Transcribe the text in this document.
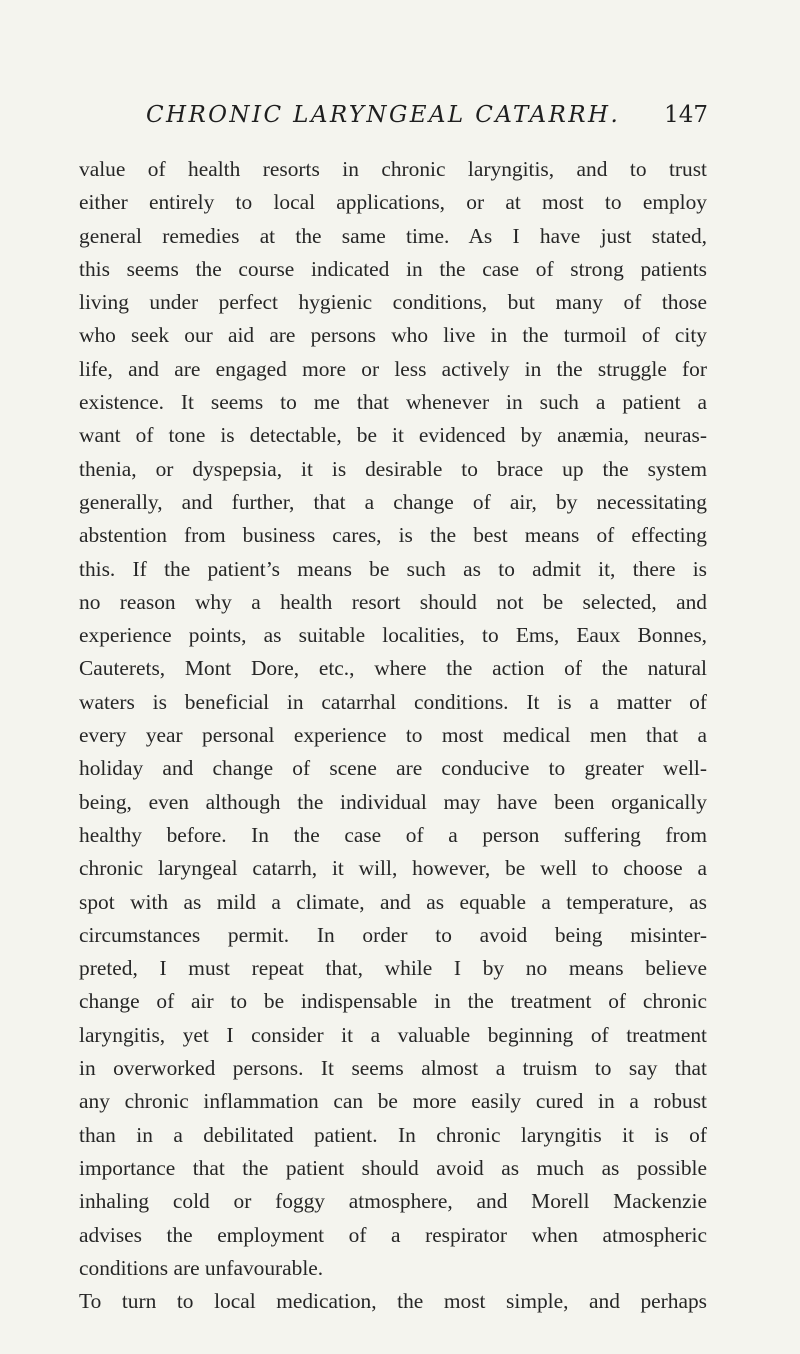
CHRONIC LARYNGEAL CATARRH. 147
value of health resorts in chronic laryngitis, and to trust
either entirely to local applications, or at most to employ
general remedies at the same time. As I have just stated,
this seems the course indicated in the case of strong patients
living under perfect hygienic conditions, but many of those
who seek our aid are persons who live in the turmoil of city
life, and are engaged more or less actively in the struggle for
existence. It seems to me that whenever in such a patient a
want of tone is detectable, be it evidenced by anæmia, neuras-
thenia, or dyspepsia, it is desirable to brace up the system
generally, and further, that a change of air, by necessitating
abstention from business cares, is the best means of effecting
this. If the patient’s means be such as to admit it, there is
no reason why a health resort should not be selected, and
experience points, as suitable localities, to Ems, Eaux Bonnes,
Cauterets, Mont Dore, etc., where the action of the natural
waters is beneficial in catarrhal conditions. It is a matter of
every year personal experience to most medical men that a
holiday and change of scene are conducive to greater well-
being, even although the individual may have been organically
healthy before. In the case of a person suffering from
chronic laryngeal catarrh, it will, however, be well to choose a
spot with as mild a climate, and as equable a temperature, as
circumstances permit. In order to avoid being misinter-
preted, I must repeat that, while I by no means believe
change of air to be indispensable in the treatment of chronic
laryngitis, yet I consider it a valuable beginning of treatment
in overworked persons. It seems almost a truism to say that
any chronic inflammation can be more easily cured in a robust
than in a debilitated patient. In chronic laryngitis it is of
importance that the patient should avoid as much as possible
inhaling cold or foggy atmosphere, and Morell Mackenzie
advises the employment of a respirator when atmospheric
conditions are unfavourable.
To turn to local medication, the most simple, and perhaps
